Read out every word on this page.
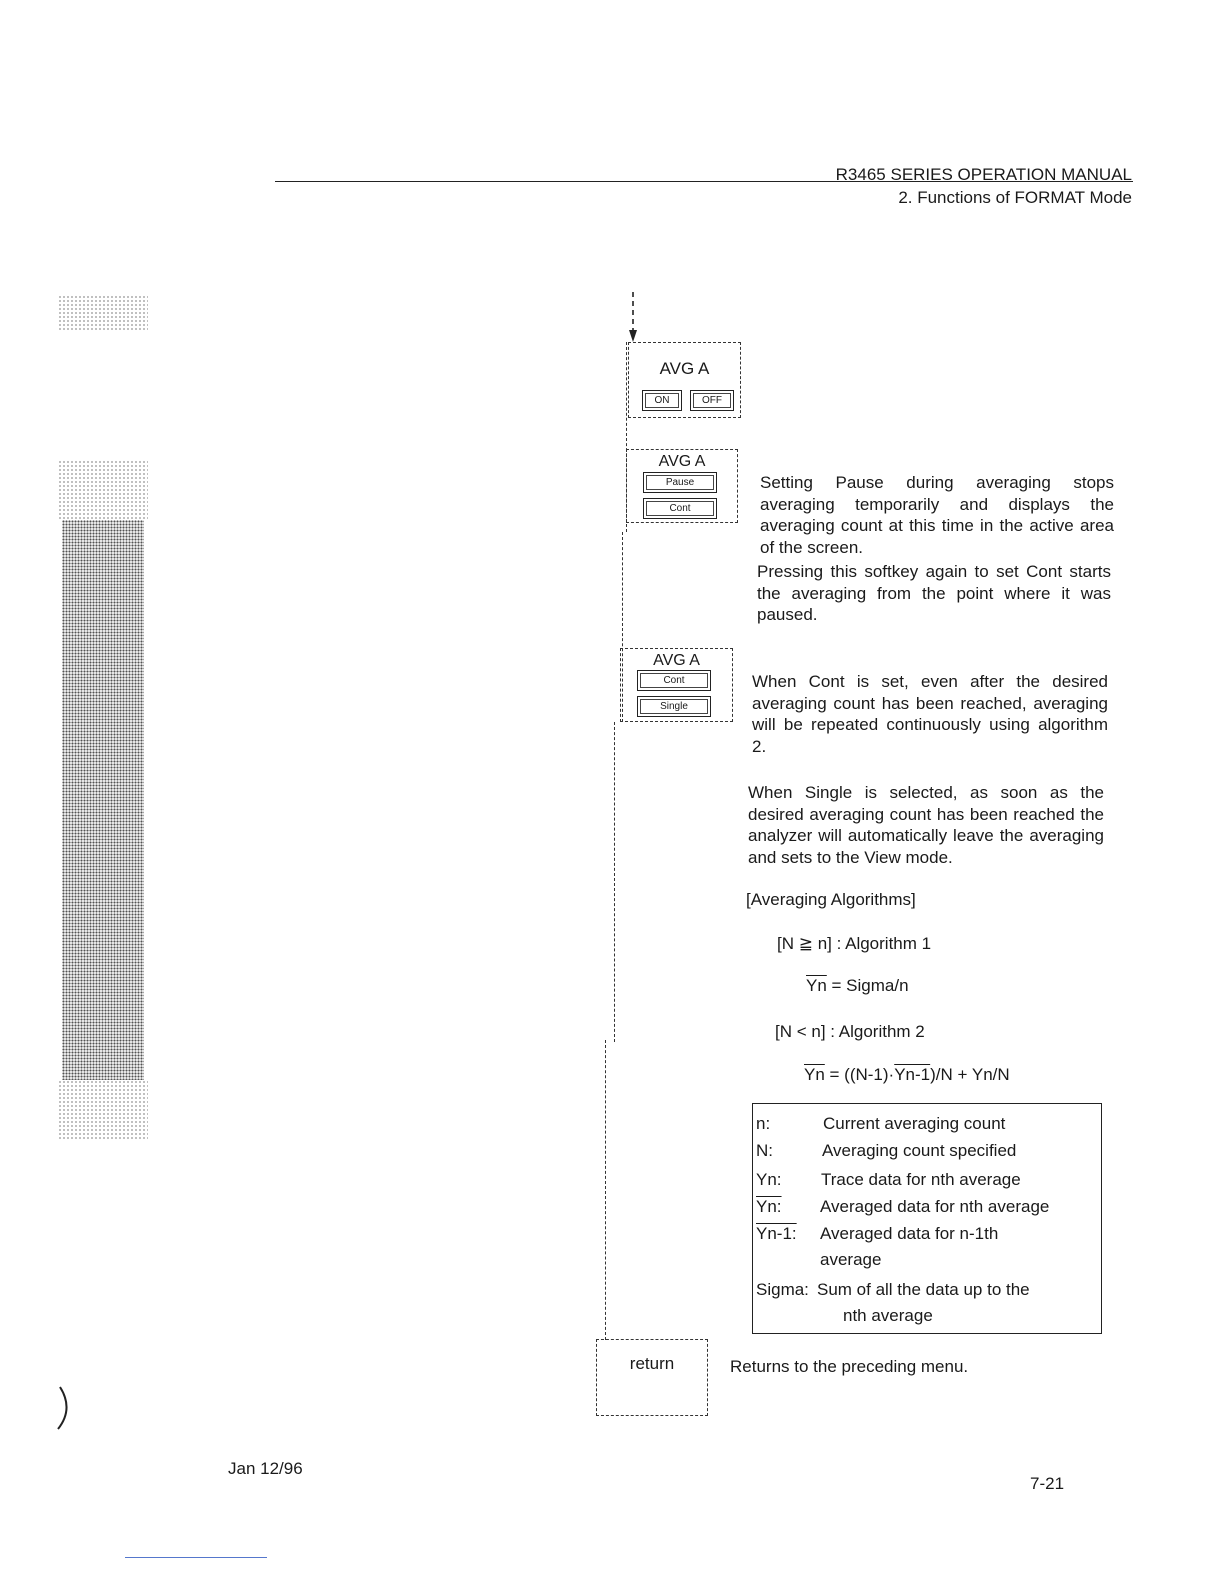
R3465 SERIES OPERATION MANUAL
2. Functions of FORMAT Mode
AVG A
ON	OFF
AVG A
Pause
Cont
Setting Pause during averaging stops averaging temporarily and displays the averaging count at this time in the active area of the screen.
Pressing this softkey again to set Cont starts the averaging from the point where it was paused.
AVG A
Cont
Single
When Cont is set, even after the desired averaging count has been reached, averaging will be repeated continuously using algorithm 2.
When Single is selected, as soon as the desired averaging count has been reached the analyzer will automatically leave the averaging and sets to the View mode.
[Averaging Algorithms]
[N ≧ n] : Algorithm 1
$\overline{Yn}$ = Sigma/n
[N < n] : Algorithm 2
$\overline{Yn} = ((N-1)\cdot Yn-1)/N + Yn/N$
n:	Current averaging count
N:	Averaging count specified
Yn: Trace data for nth average
Yn: Averaged data for nth average
Yn-1: Averaged data for n-1th
average
Sigma: Sum of all the data up to the
nth average
return	Returns to the preceding menu.
Jan 12/96
7-21
